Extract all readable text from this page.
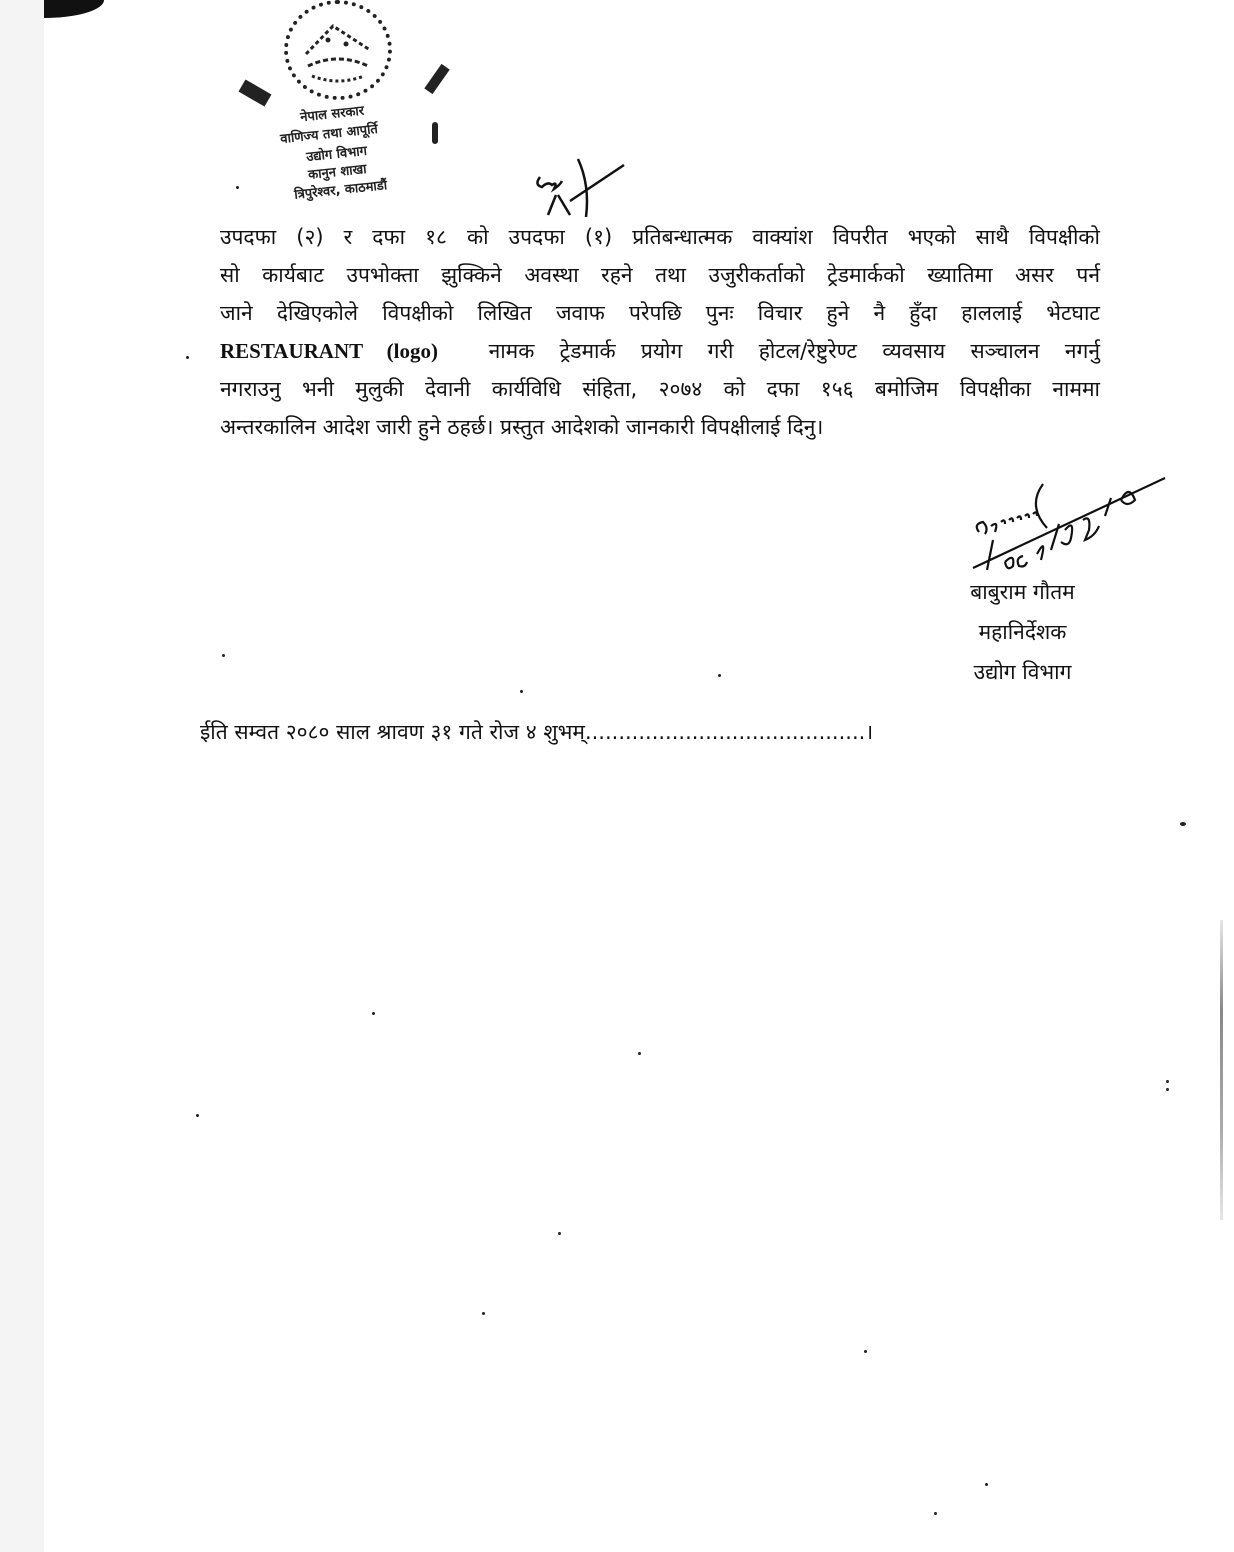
नेपाल सरकार
वाणिज्य तथा आपूर्ति
उद्योग विभाग
कानुन शाखा
त्रिपुरेश्वर, काठमाडौं
उपदफा (२) र दफा १८ को उपदफा (१) प्रतिबन्धात्मक वाक्यांश विपरीत भएको साथै विपक्षीको
सो कार्यबाट उपभोक्ता झुक्किने अवस्था रहने तथा उजुरीकर्ताको ट्रेडमार्कको ख्यातिमा असर पर्न
जाने देखिएकोले विपक्षीको लिखित जवाफ परेपछि पुनः विचार हुने नै हुँदा हाललाई भेटघाट
RESTAURANT (logo) नामक ट्रेडमार्क प्रयोग गरी होटल/रेष्टुरेण्ट व्यवसाय सञ्चालन नगर्नु
नगराउनु भनी मुलुकी देवानी कार्यविधि संहिता, २०७४ को दफा १५६ बमोजिम विपक्षीका नाममा
अन्तरकालिन आदेश जारी हुने ठहर्छ। प्रस्तुत आदेशको जानकारी विपक्षीलाई दिनु।
बाबुराम गौतम
महानिर्देशक
उद्योग विभाग
ईति सम्वत २०८० साल श्रावण ३१ गते रोज ४ शुभम्..........................................।
